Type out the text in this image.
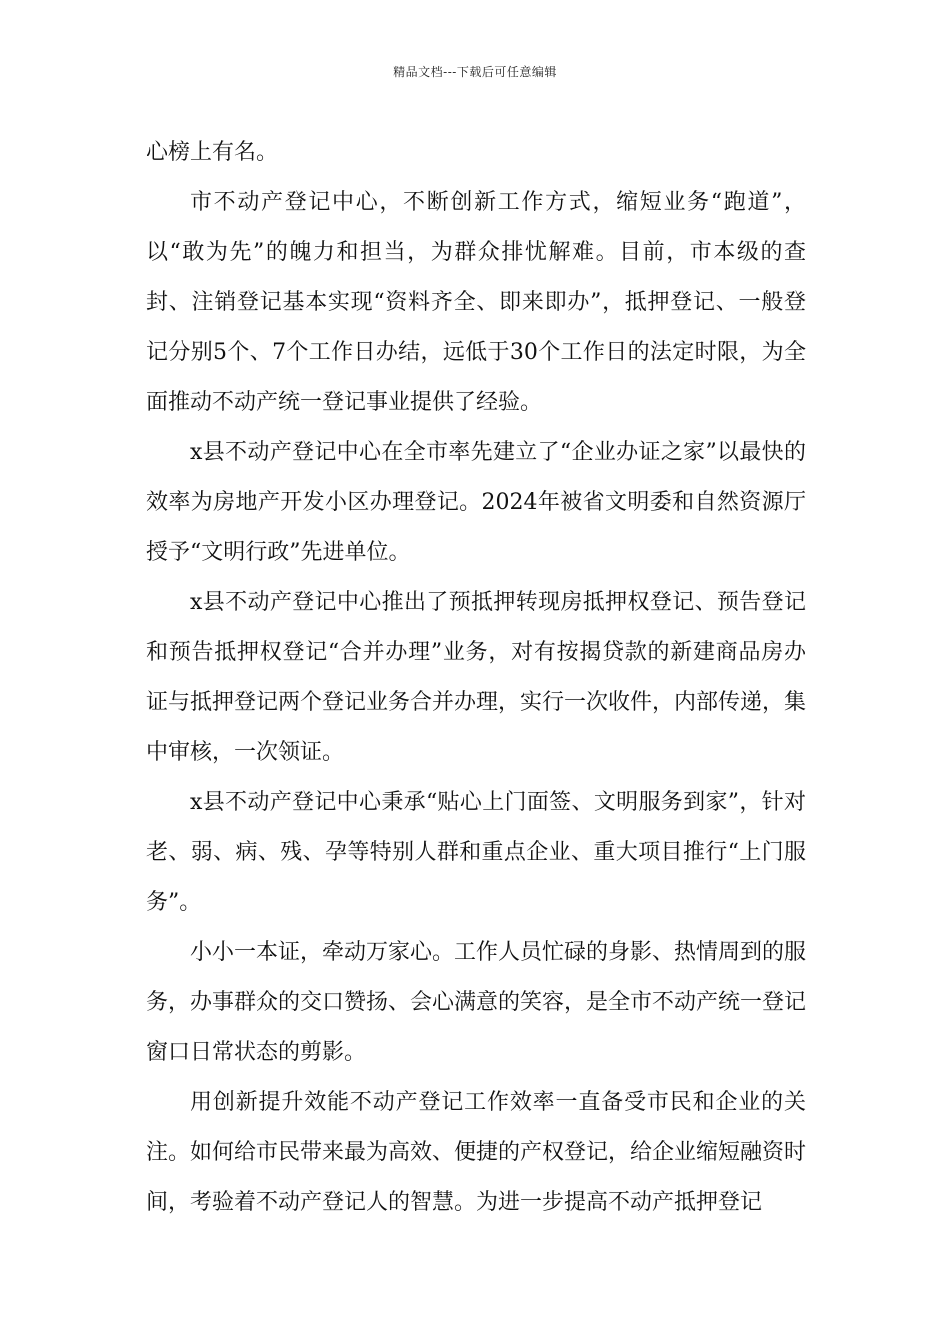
精品文档---下载后可任意编辑

心榜上有名。

市不动产登记中心，不断创新工作方式，缩短业务“跑道”，以“敢为先”的魄力和担当，为群众排忧解难。目前，市本级的查封、注销登记基本实现“资料齐全、即来即办”，抵押登记、一般登记分别5个、7个工作日办结，远低于30个工作日的法定时限，为全面推动不动产统一登记事业提供了经验。

x县不动产登记中心在全市率先建立了“企业办证之家”以最快的效率为房地产开发小区办理登记。2024年被省文明委和自然资源厅授予“文明行政”先进单位。

x县不动产登记中心推出了预抵押转现房抵押权登记、预告登记和预告抵押权登记“合并办理”业务，对有按揭贷款的新建商品房办证与抵押登记两个登记业务合并办理，实行一次收件，内部传递，集中审核，一次领证。

x县不动产登记中心秉承“贴心上门面签、文明服务到家”，针对老、弱、病、残、孕等特别人群和重点企业、重大项目推行“上门服务”。

小小一本证，牵动万家心。工作人员忙碌的身影、热情周到的服务，办事群众的交口赞扬、会心满意的笑容，是全市不动产统一登记窗口日常状态的剪影。

用创新提升效能不动产登记工作效率一直备受市民和企业的关注。如何给市民带来最为高效、便捷的产权登记，给企业缩短融资时间，考验着不动产登记人的智慧。为进一步提高不动产抵押登记
